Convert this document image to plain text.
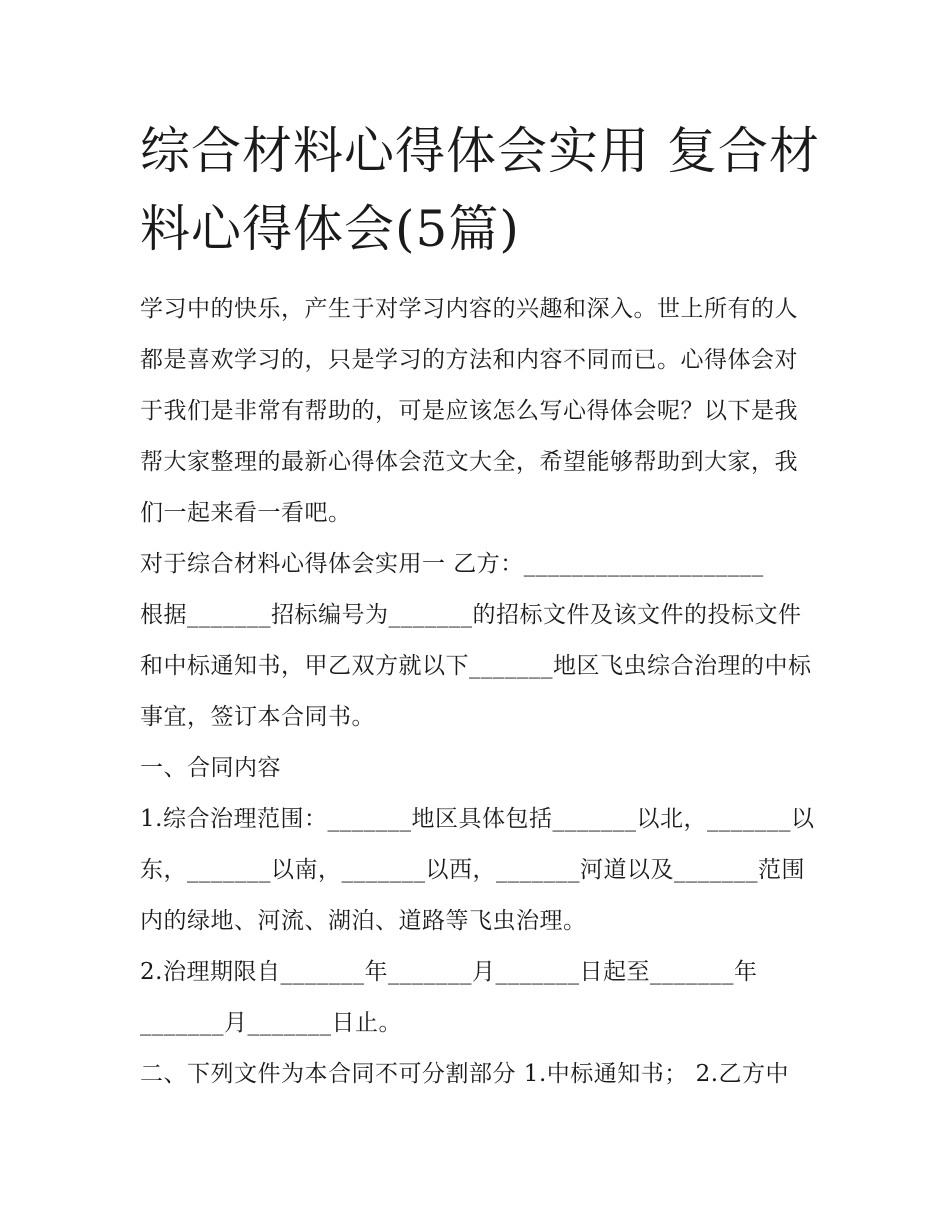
综合材料心得体会实用 复合材料心得体会(5篇)

学习中的快乐，产生于对学习内容的兴趣和深入。世上所有的人都是喜欢学习的，只是学习的方法和内容不同而已。心得体会对于我们是非常有帮助的，可是应该怎么写心得体会呢？以下是我帮大家整理的最新心得体会范文大全，希望能够帮助到大家，我们一起来看一看吧。

对于综合材料心得体会实用一 乙方：____________________

根据_______招标编号为_______的招标文件及该文件的投标文件和中标通知书，甲乙双方就以下_______地区飞虫综合治理的中标事宜，签订本合同书。

一、合同内容

1.综合治理范围：_______地区具体包括_______以北，_______以东，_______以南，_______以西，_______河道以及_______范围内的绿地、河流、湖泊、道路等飞虫治理。

2.治理期限自_______年_______月_______日起至_______年_______月_______日止。

二、下列文件为本合同不可分割部分 1.中标通知书； 2.乙方中
